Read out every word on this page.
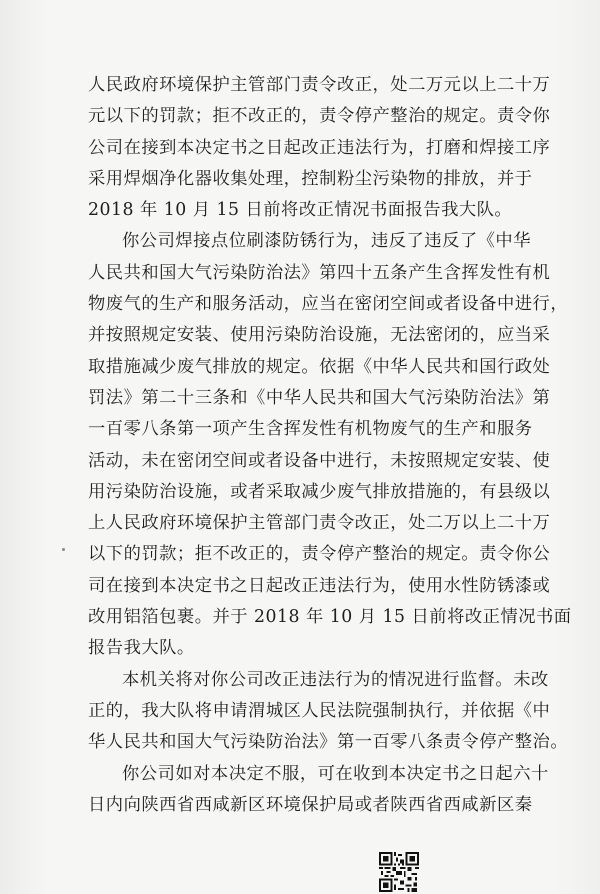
人民政府环境保护主管部门责令改正，处二万元以上二十万
元以下的罚款；拒不改正的，责令停产整治的规定。责令你
公司在接到本决定书之日起改正违法行为，打磨和焊接工序
采用焊烟净化器收集处理，控制粉尘污染物的排放，并于
2018 年 10 月 15 日前将改正情况书面报告我大队。
你公司焊接点位刷漆防锈行为，违反了违反了《中华
人民共和国大气污染防治法》第四十五条产生含挥发性有机
物废气的生产和服务活动，应当在密闭空间或者设备中进行，
并按照规定安装、使用污染防治设施，无法密闭的，应当采
取措施减少废气排放的规定。依据《中华人民共和国行政处
罚法》第二十三条和《中华人民共和国大气污染防治法》第
一百零八条第一项产生含挥发性有机物废气的生产和服务
活动，未在密闭空间或者设备中进行，未按照规定安装、使
用污染防治设施，或者采取减少废气排放措施的，有县级以
上人民政府环境保护主管部门责令改正，处二万以上二十万
以下的罚款；拒不改正的，责令停产整治的规定。责令你公
司在接到本决定书之日起改正违法行为，使用水性防锈漆或
改用铝箔包裹。并于 2018 年 10 月 15 日前将改正情况书面
报告我大队。
本机关将对你公司改正违法行为的情况进行监督。未改
正的，我大队将申请渭城区人民法院强制执行，并依据《中
华人民共和国大气污染防治法》第一百零八条责令停产整治。
你公司如对本决定不服，可在收到本决定书之日起六十
日内向陕西省西咸新区环境保护局或者陕西省西咸新区秦
